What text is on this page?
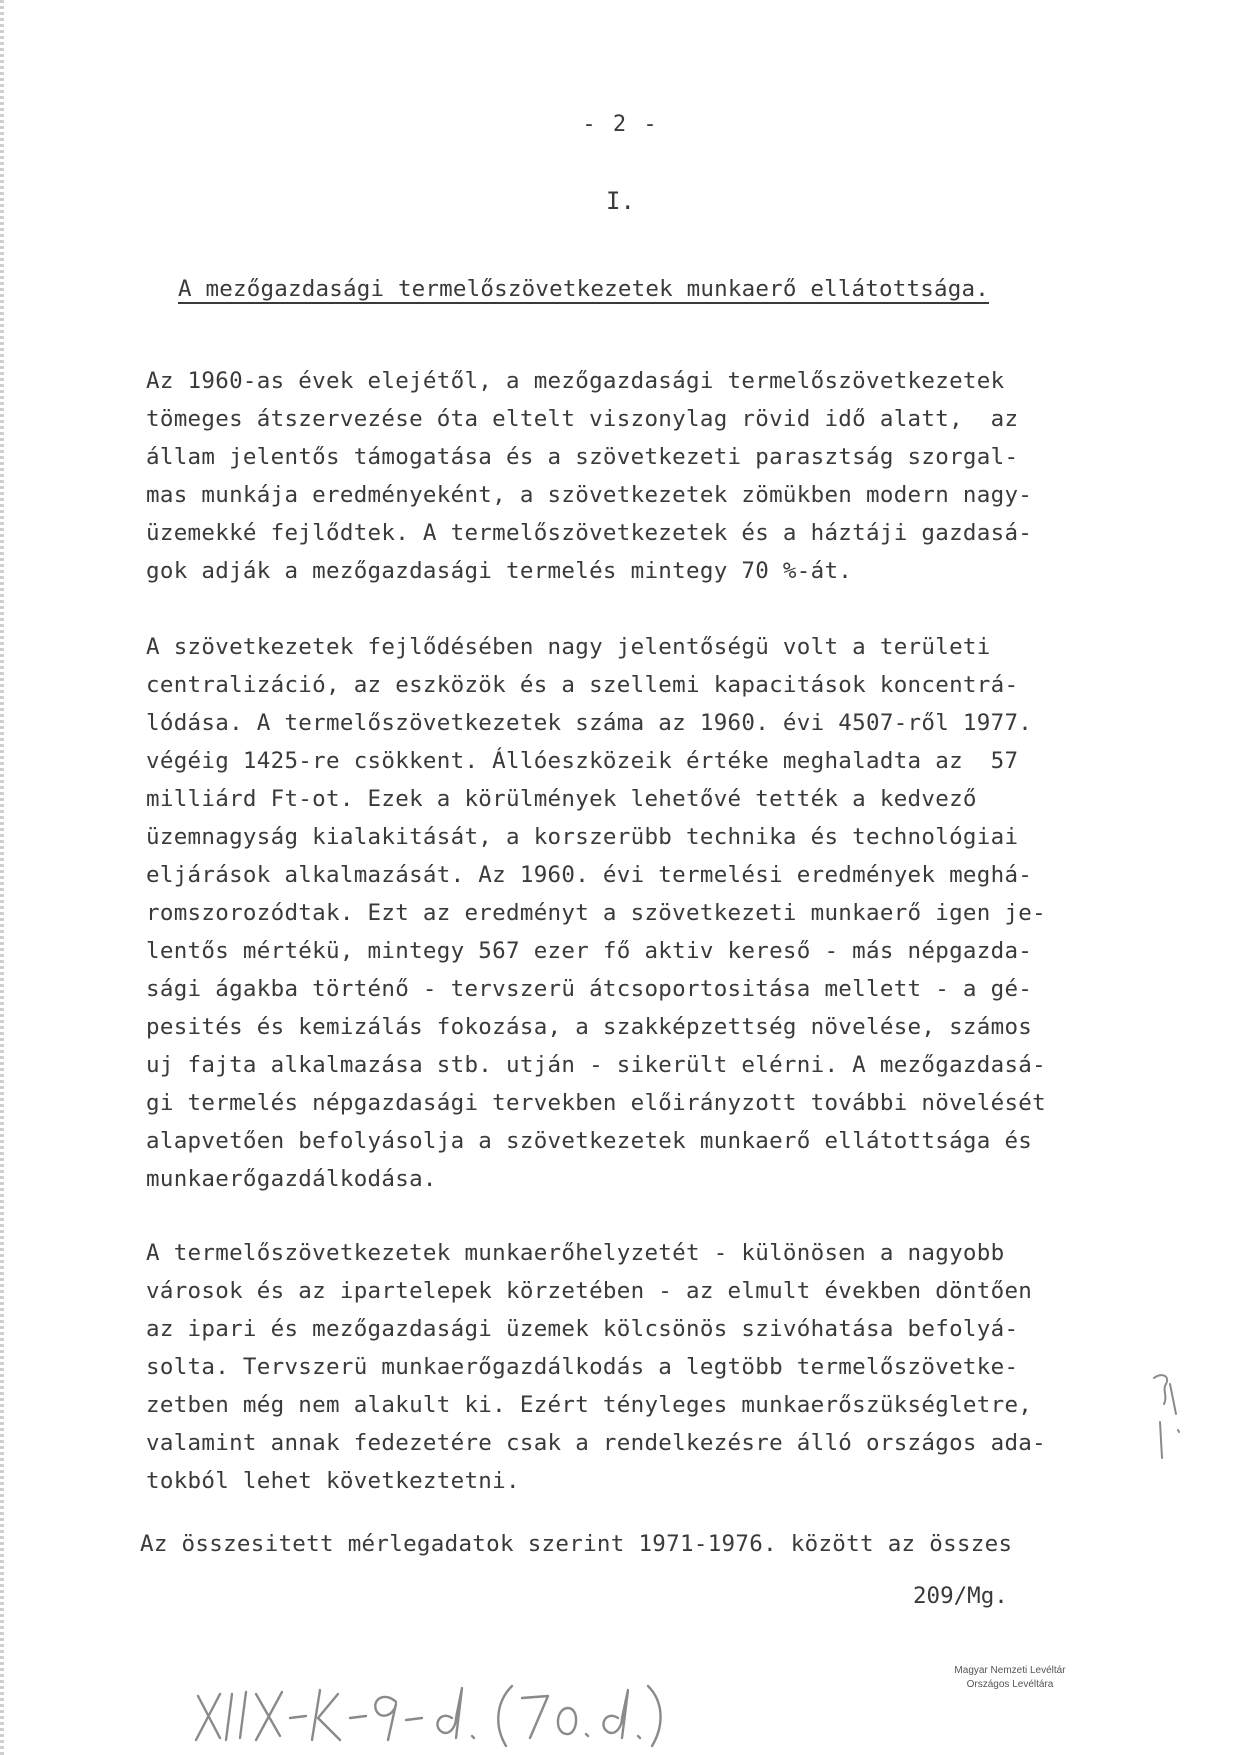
- 2 -
I.
A mezőgazdasági termelőszövetkezetek munkaerő ellátottsága.
Az 1960-as évek elejétől, a mezőgazdasági termelőszövetkezetek
tömeges átszervezése óta eltelt viszonylag rövid idő alatt,  az
állam jelentős támogatása és a szövetkezeti parasztság szorgal-
mas munkája eredményeként, a szövetkezetek zömükben modern nagy-
üzemekké fejlődtek. A termelőszövetkezetek és a háztáji gazdasá-
gok adják a mezőgazdasági termelés mintegy 70 %-át.
A szövetkezetek fejlődésében nagy jelentőségü volt a területi
centralizáció, az eszközök és a szellemi kapacitások koncentrá-
lódása. A termelőszövetkezetek száma az 1960. évi 4507-ről 1977.
végéig 1425-re csökkent. Állóeszközeik értéke meghaladta az  57
milliárd Ft-ot. Ezek a körülmények lehetővé tették a kedvező
üzemnagyság kialakitását, a korszerübb technika és technológiai
eljárások alkalmazását. Az 1960. évi termelési eredmények meghá-
romszorozódtak. Ezt az eredményt a szövetkezeti munkaerő igen je-
lentős mértékü, mintegy 567 ezer fő aktiv kereső - más népgazda-
sági ágakba történő - tervszerü átcsoportositása mellett - a gé-
pesités és kemizálás fokozása, a szakképzettség növelése, számos
uj fajta alkalmazása stb. utján - sikerült elérni. A mezőgazdasá-
gi termelés népgazdasági tervekben előirányzott további növelését
alapvetően befolyásolja a szövetkezetek munkaerő ellátottsága és
munkaerőgazdálkodása.
A termelőszövetkezetek munkaerőhelyzetét - különösen a nagyobb
városok és az ipartelepek körzetében - az elmult években döntően
az ipari és mezőgazdasági üzemek kölcsönös szivóhatása befolyá-
solta. Tervszerü munkaerőgazdálkodás a legtöbb termelőszövetke-
zetben még nem alakult ki. Ezért tényleges munkaerőszükségletre,
valamint annak fedezetére csak a rendelkezésre álló országos ada-
tokból lehet következtetni.
Az összesitett mérlegadatok szerint 1971-1976. között az összes
209/Mg.
Magyar Nemzeti Levéltár
Országos Levéltára
